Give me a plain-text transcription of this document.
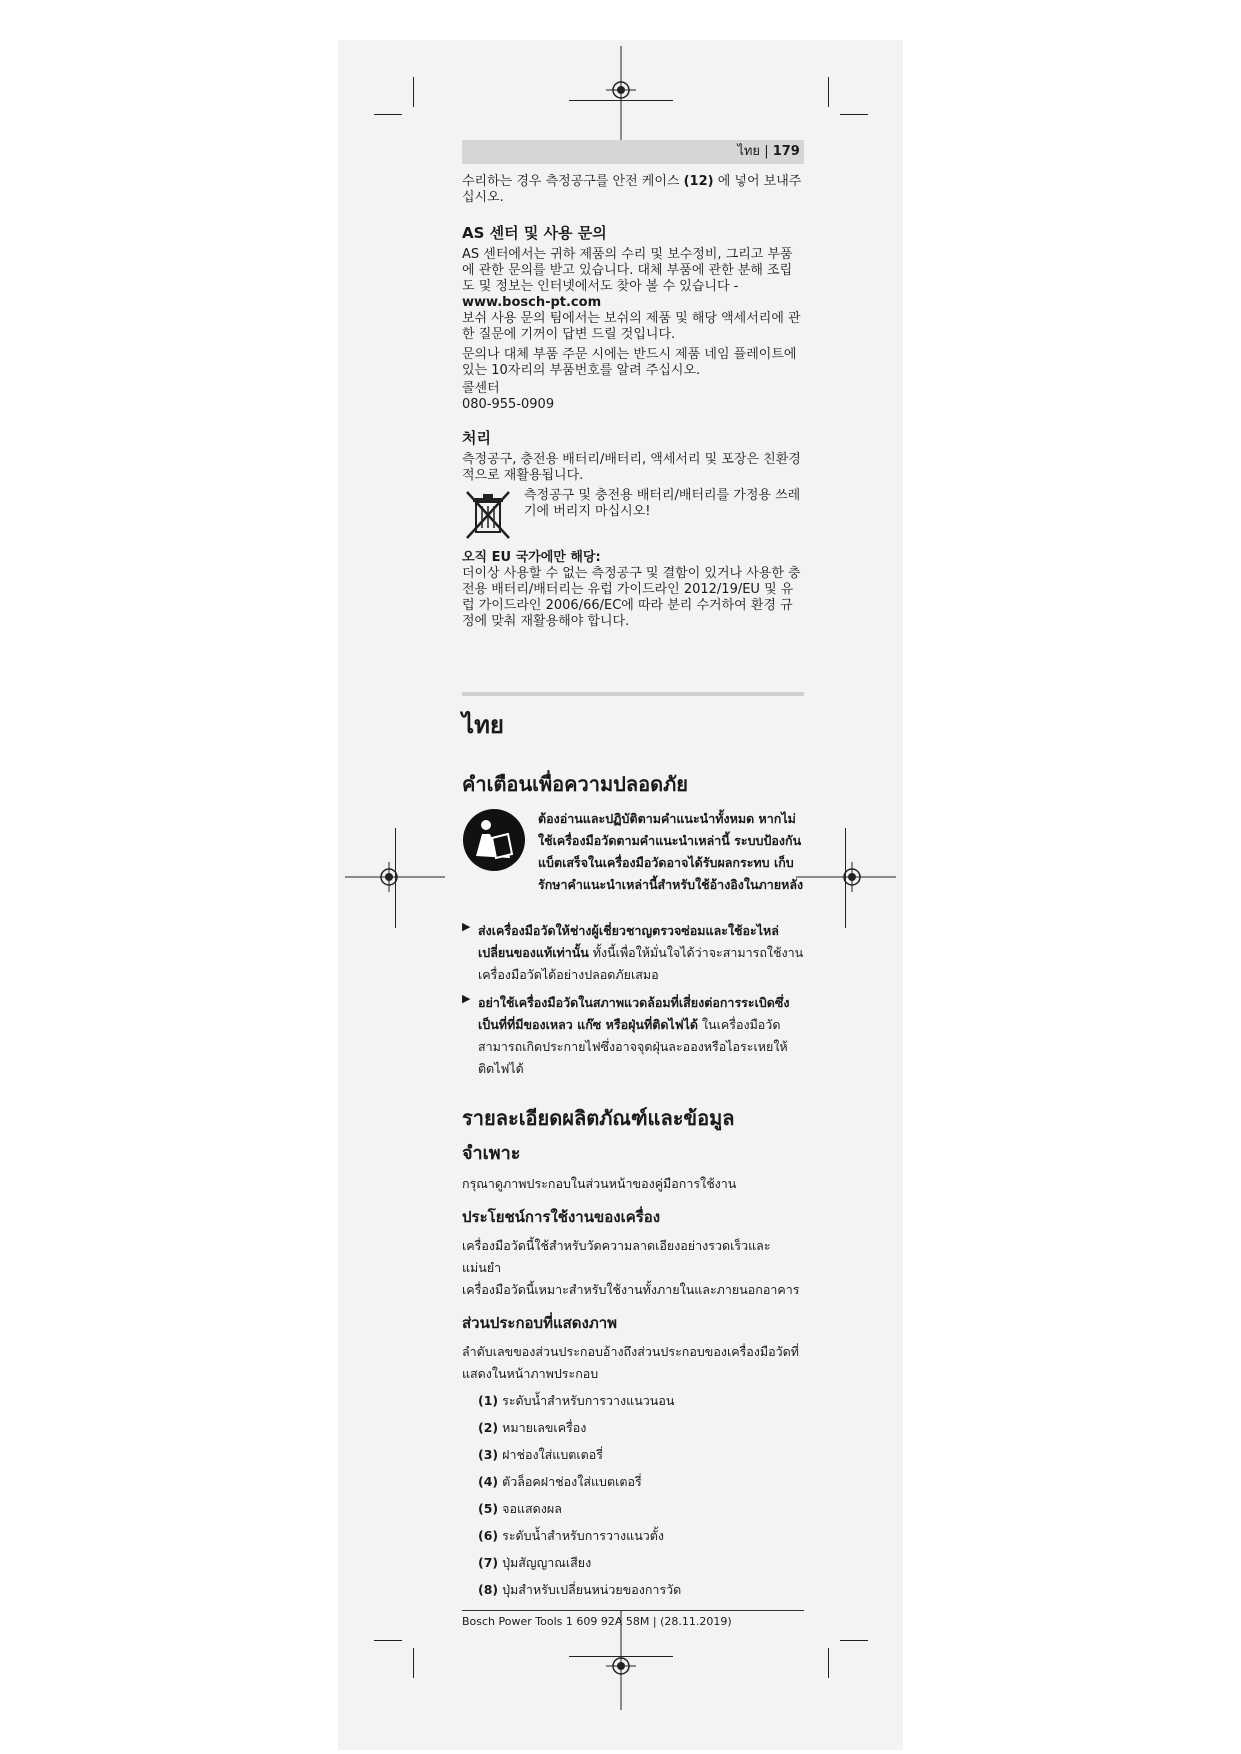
ไทย | 179

수리하는 경우 측정공구를 안전 케이스 (12) 에 넣어 보내주십시오.

AS 센터 및 사용 문의

AS 센터에서는 귀하 제품의 수리 및 보수정비, 그리고 부품에 관한 문의를 받고 있습니다. 대체 부품에 관한 분해 조립도 및 정보는 인터넷에서도 찾아 볼 수 있습니다 - www.bosch-pt.com

보쉬 사용 문의 팀에서는 보쉬의 제품 및 해당 액세서리에 관한 질문에 기꺼이 답변 드릴 것입니다.

문의나 대체 부품 주문 시에는 반드시 제품 네임 플레이트에 있는 10자리의 부품번호를 알려 주십시오.

콜센터

080-955-0909

처리

측정공구, 충전용 배터리/배터리, 액세서리 및 포장은 친환경적으로 재활용됩니다.

측정공구 및 충전용 배터리/배터리를 가정용 쓰레기에 버리지 마십시오!

오직 EU 국가에만 해당:

더이상 사용할 수 없는 측정공구 및 결함이 있거나 사용한 충전용 배터리/배터리는 유럽 가이드라인 2012/19/EU 및 유럽 가이드라인 2006/66/EC에 따라 분리 수거하여 환경 규정에 맞춰 재활용해야 합니다.

ไทย
คำเตือนเพื่อความปลอดภัย

ต้องอ่านและปฏิบัติตามคำแนะนำทั้งหมด หากไม่ใช้เครื่องมือวัดตามคำแนะนำเหล่านี้ ระบบป้องกันแบ็ตเสร็จในเครื่องมือวัดอาจได้รับผลกระทบ เก็บรักษาคำแนะนำเหล่านี้สำหรับใช้อ้างอิงในภายหลัง

▶ ส่งเครื่องมือวัดให้ช่างผู้เชี่ยวชาญตรวจซ่อมและใช้อะไหล่เปลี่ยนของแท้เท่านั้น ทั้งนี้เพื่อให้มั่นใจได้ว่าจะสามารถใช้งานเครื่องมือวัดได้อย่างปลอดภัยเสมอ

▶ อย่าใช้เครื่องมือวัดในสภาพแวดล้อมที่เสี่ยงต่อการระเบิดซึ่งเป็นที่ที่มีของเหลว แก๊ซ หรือฝุ่นที่ติดไฟได้ ในเครื่องมือวัดสามารถเกิดประกายไฟซึ่งอาจจุดฝุ่นละอองหรือไอระเหยให้ติดไฟได้

รายละเอียดผลิตภัณฑ์และข้อมูล
จำเพาะ

กรุณาดูภาพประกอบในส่วนหน้าของคู่มือการใช้งาน

ประโยชน์การใช้งานของเครื่อง

เครื่องมือวัดนี้ใช้สำหรับวัดความลาดเอียงอย่างรวดเร็วและแม่นยำ

เครื่องมือวัดนี้เหมาะสำหรับใช้งานทั้งภายในและภายนอกอาคาร

ส่วนประกอบที่แสดงภาพ

ลำดับเลขของส่วนประกอบอ้างถึงส่วนประกอบของเครื่องมือวัดที่แสดงในหน้าภาพประกอบ

(1) ระดับน้ำสำหรับการวางแนวนอน
(2) หมายเลขเครื่อง
(3) ฝาช่องใส่แบตเตอรี่
(4) ตัวล็อคฝาช่องใส่แบตเตอรี่
(5) จอแสดงผล
(6) ระดับน้ำสำหรับการวางแนวตั้ง
(7) ปุ่มสัญญาณเสียง
(8) ปุ่มสำหรับเปลี่ยนหน่วยของการวัด
Bosch Power Tools 1 609 92A 58M | (28.11.2019)
